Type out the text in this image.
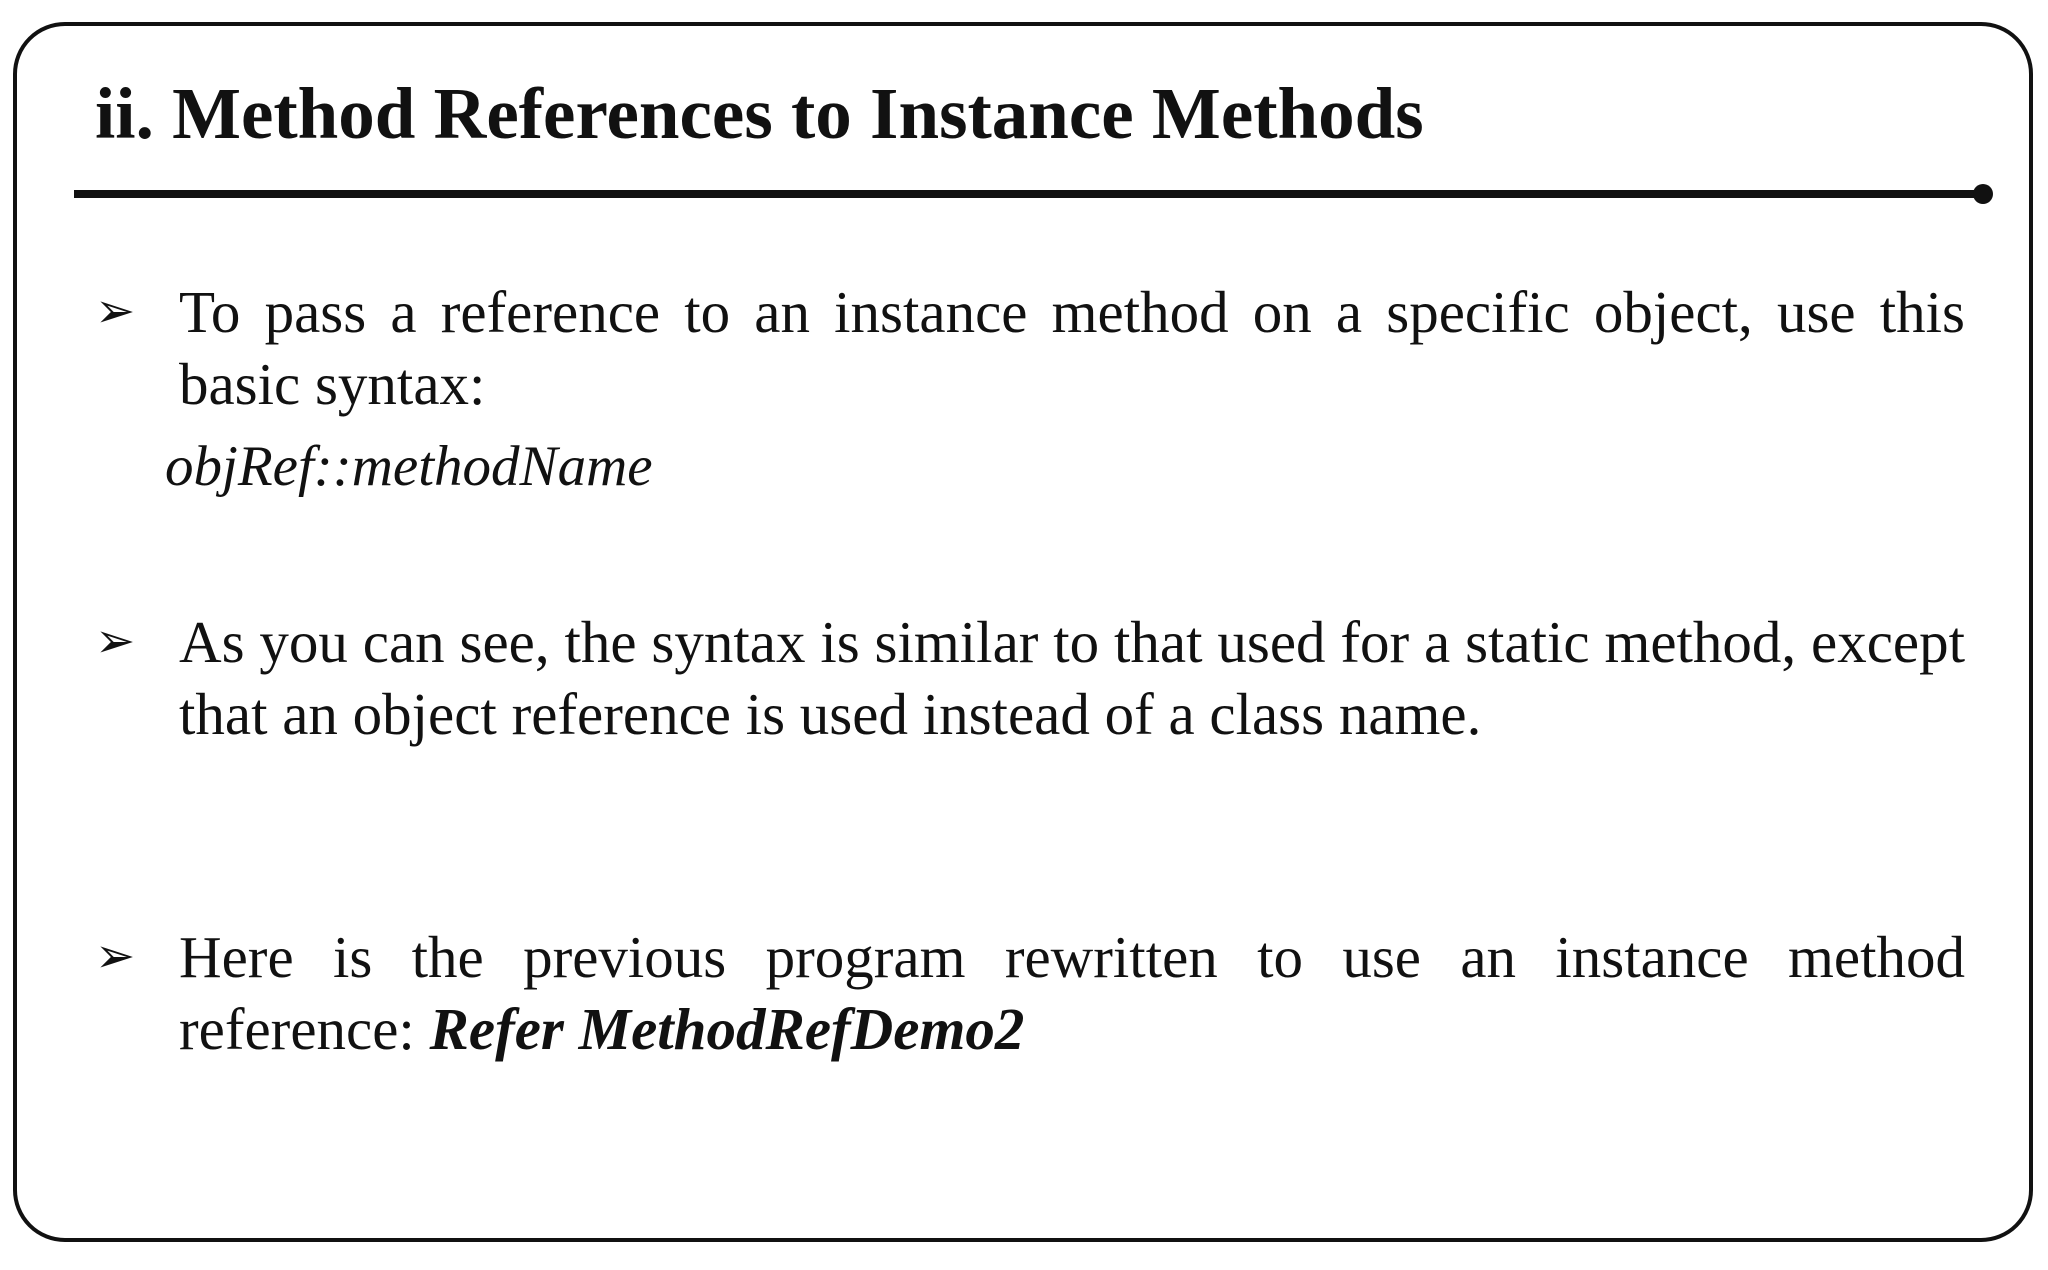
ii. Method References to Instance Methods
➢ To pass a reference to an instance method on a specific object, use this basic syntax:
objRef::methodName
➢ As you can see, the syntax is similar to that used for a static method, except that an object reference is used instead of a class name.
➢ Here is the previous program rewritten to use an instance method reference: Refer MethodRefDemo2
